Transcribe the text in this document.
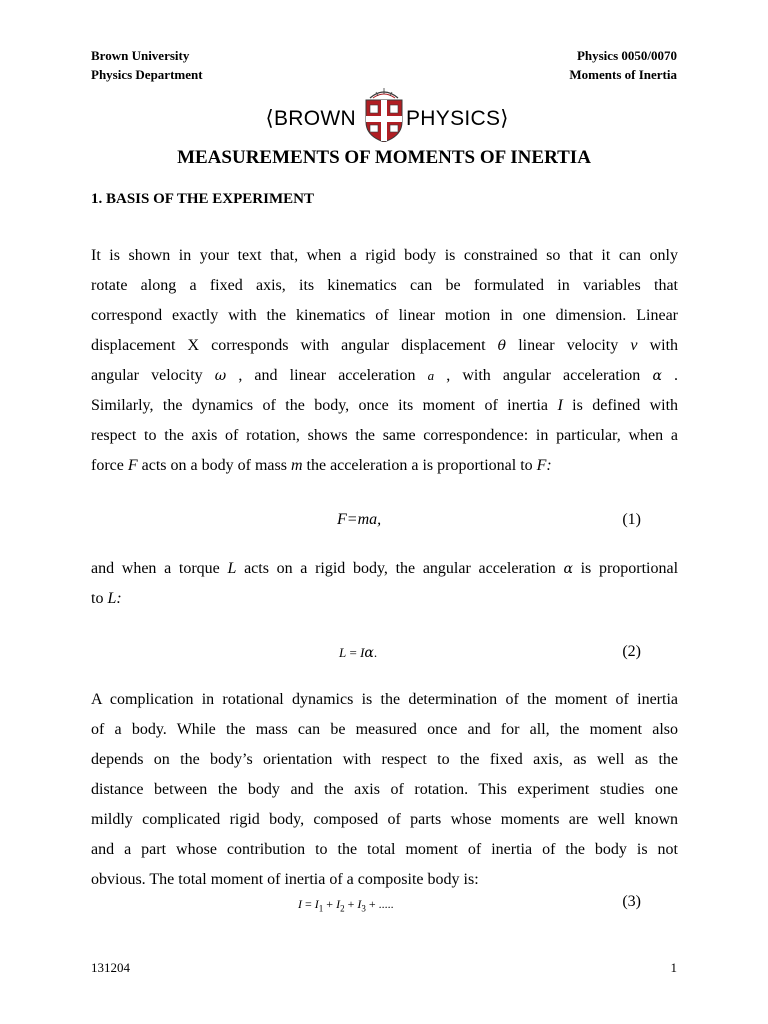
Brown University
Physics Department
Physics 0050/0070
Moments of Inertia
⟨BROWN PHYSICS⟩
MEASUREMENTS OF MOMENTS OF INERTIA
1. BASIS OF THE EXPERIMENT
It is shown in your text that, when a rigid body is constrained so that it can only
rotate along a fixed axis, its kinematics can be formulated in variables that
correspond exactly with the kinematics of linear motion in one dimension. Linear
displacement X corresponds with angular displacement θ linear velocity v with
angular velocity ω , and linear acceleration a , with angular acceleration α .
Similarly, the dynamics of the body, once its moment of inertia I is defined with
respect to the axis of rotation, shows the same correspondence: in particular, when a
force F acts on a body of mass m the acceleration a is proportional to F:
F=ma,	(1)
and when a torque L acts on a rigid body, the angular acceleration α is proportional
to L:
L = Iα.	(2)
A complication in rotational dynamics is the determination of the moment of inertia
of a body. While the mass can be measured once and for all, the moment also
depends on the body’s orientation with respect to the fixed axis, as well as the
distance between the body and the axis of rotation. This experiment studies one
mildly complicated rigid body, composed of parts whose moments are well known
and a part whose contribution to the total moment of inertia of the body is not
obvious. The total moment of inertia of a composite body is:
$I = I_1 + I_2 + I_3$ + .....	(3)
131204	1
